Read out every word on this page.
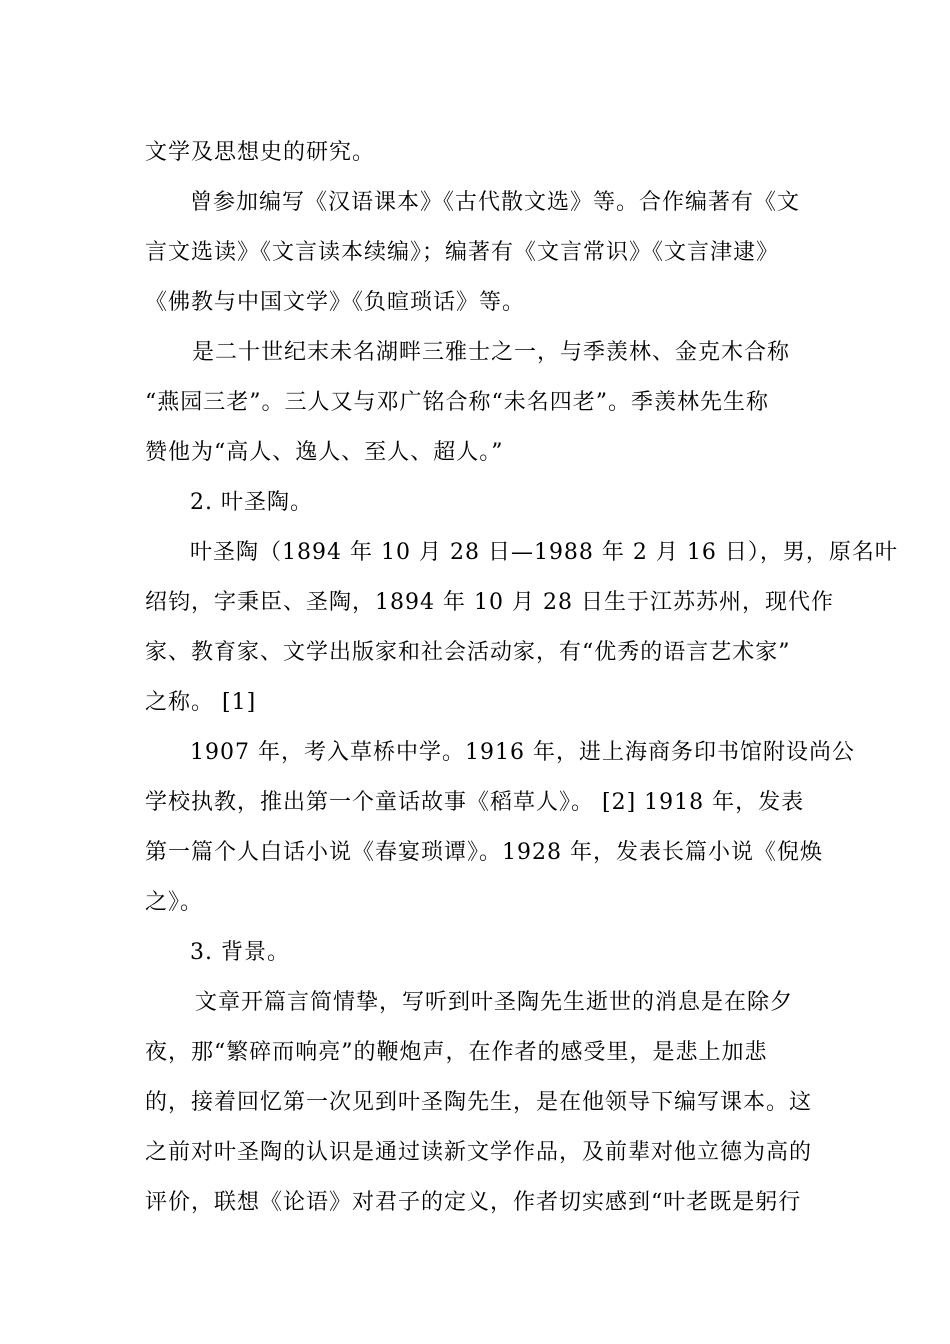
文学及思想史的研究。
曾参加编写《汉语课本》《古代散文选》等。合作编著有《文
言文选读》《文言读本续编》；编著有《文言常识》《文言津逮》
《佛教与中国文学》《负暄琐话》等。
是二十世纪末未名湖畔三雅士之一，与季羡林、金克木合称
“燕园三老”。三人又与邓广铭合称“未名四老”。季羡林先生称
赞他为“高人、逸人、至人、超人。”
2. 叶圣陶。
叶圣陶（1894 年 10 月 28 日—1988 年 2 月 16 日），男，原名叶
绍钧，字秉臣、圣陶，1894 年 10 月 28 日生于江苏苏州，现代作
家、教育家、文学出版家和社会活动家，有“优秀的语言艺术家”
之称。 [1]
1907 年，考入草桥中学。1916 年，进上海商务印书馆附设尚公
学校执教，推出第一个童话故事《稻草人》。 [2] 1918 年，发表
第一篇个人白话小说《春宴琐谭》。1928 年，发表长篇小说《倪焕
之》。
3. 背景。
文章开篇言简情挚，写听到叶圣陶先生逝世的消息是在除夕
夜，那“繁碎而响亮”的鞭炮声，在作者的感受里，是悲上加悲
的，接着回忆第一次见到叶圣陶先生，是在他领导下编写课本。这
之前对叶圣陶的认识是通过读新文学作品，及前辈对他立德为高的
评价，联想《论语》对君子的定义，作者切实感到“叶老既是躬行
